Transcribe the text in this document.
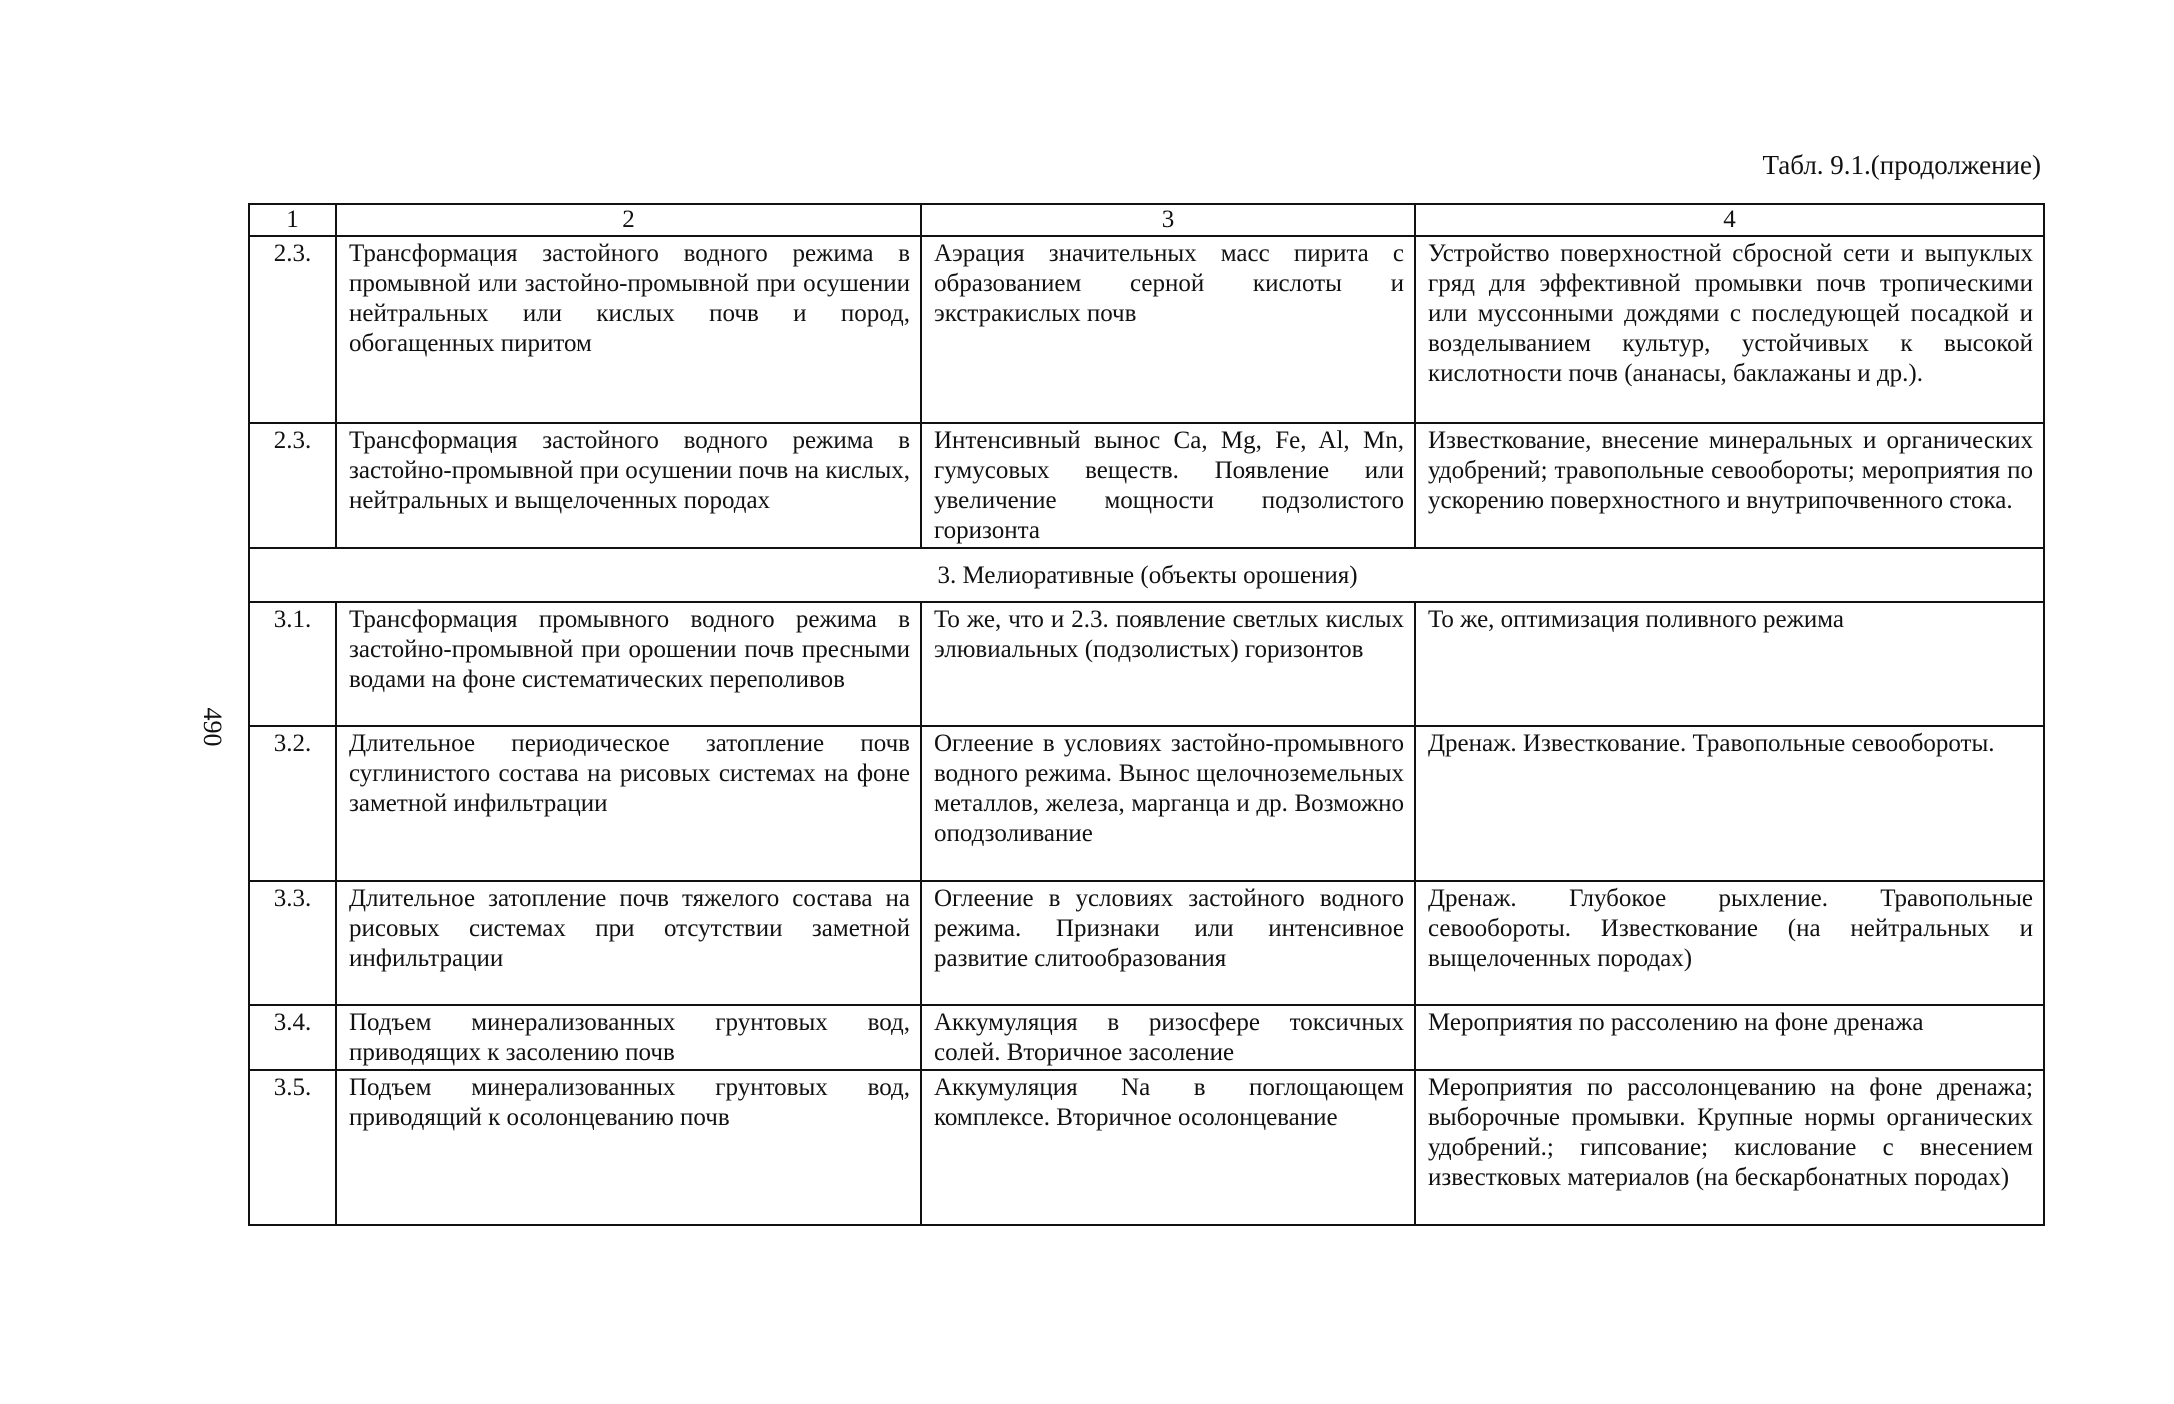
490
Табл. 9.1.(продолжение)
1	2	3	4
2.3.	Трансформация застойного водного режима в промывной или застойно-промывной при осушении нейтральных или кислых почв и пород, обогащенных пиритом	Аэрация значительных масс пирита с образованием серной кислоты и экстракислых почв	Устройство поверхностной сбросной сети и выпуклых гряд для эффективной промывки почв тропическими или муссонными дождями с последующей посадкой и возделыванием культур, устойчивых к высокой кислотности почв (ананасы, баклажаны и др.).
2.3.	Трансформация застойного водного режима в застойно-промывной при осушении почв на кислых, нейтральных и выщелоченных породах	Интенсивный вынос Ca, Mg, Fe, Al, Mn, гумусовых веществ. Появление или увеличение мощности подзолистого горизонта	Известкование, внесение минеральных и органических удобрений; травопольные севообороты; мероприятия по ускорению поверхностного и внутрипочвенного стока.
3. Мелиоративные (объекты орошения)			
3.1.	Трансформация промывного водного режима в застойно-промывной при орошении почв пресными водами на фоне систематических переполивов	То же, что и 2.3. появление светлых кислых элювиальных (подзолистых) горизонтов	То же, оптимизация поливного режима
3.2.	Длительное периодическое затопление почв суглинистого состава на рисовых системах на фоне заметной инфильтрации	Оглеение в условиях застойно-промывного водного режима. Вынос щелочноземельных металлов, железа, марганца и др. Возможно оподзоливание	Дренаж. Известкование. Травопольные севообороты.
3.3.	Длительное затопление почв тяжелого состава на рисовых системах при отсутствии заметной инфильтрации	Оглеение в условиях застойного водного режима. Признаки или интенсивное развитие слитообразования	Дренаж. Глубокое рыхление. Травопольные севообороты. Известкование (на нейтральных и выщелоченных породах)
3.4.	Подъем минерализованных грунтовых вод, приводящих к засолению почв	Аккумуляция в ризосфере токсичных солей. Вторичное засоление	Мероприятия по рассолению на фоне дренажа
3.5.	Подъем минерализованных грунтовых вод, приводящий к осолонцеванию почв	Аккумуляция Na в поглощающем комплексе. Вторичное осолонцевание	Мероприятия по рассолонцеванию на фоне дренажа; выборочные промывки. Крупные нормы органических удобрений.; гипсование; кислование с внесением известковых материалов (на бескарбонатных породах)
